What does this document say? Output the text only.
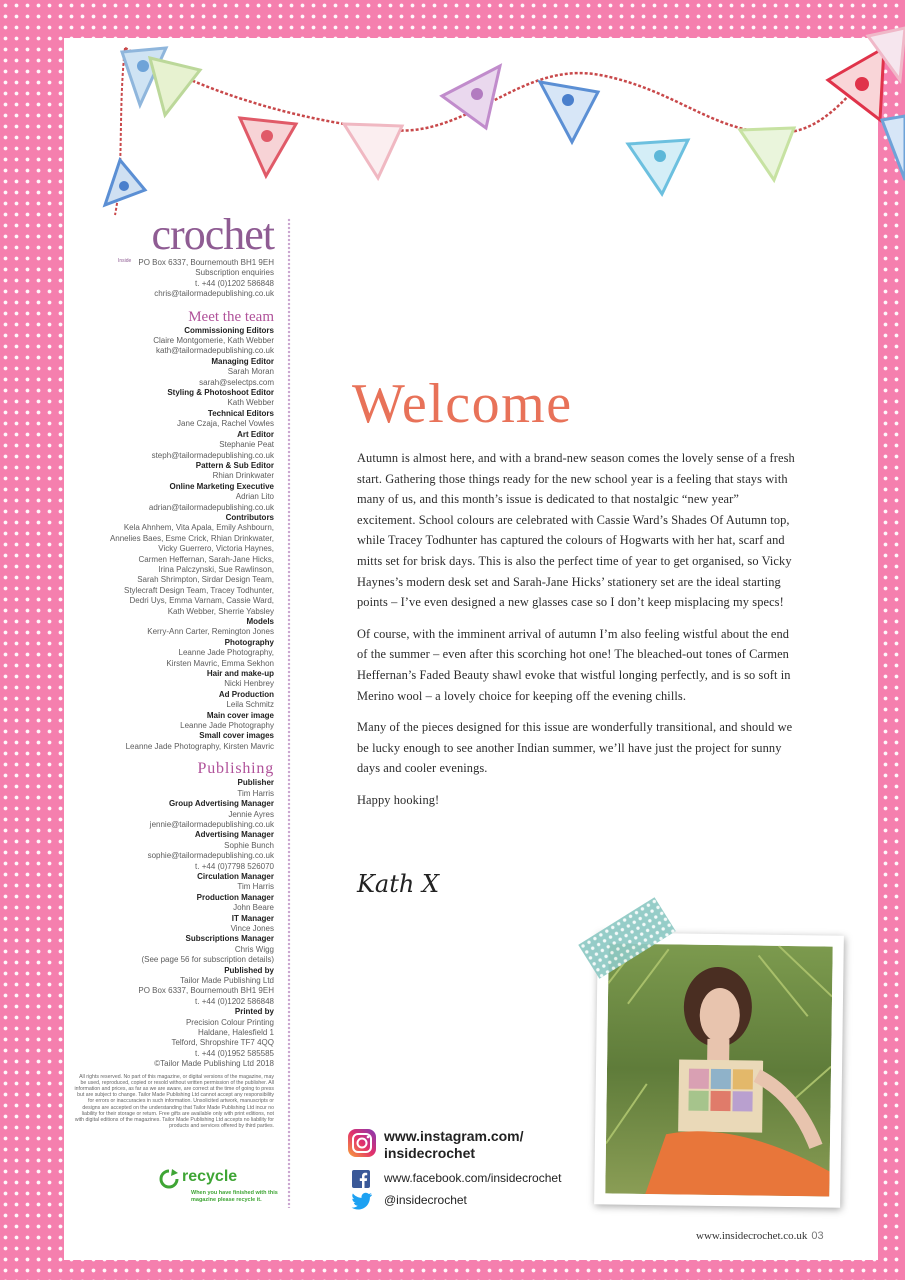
Inside
crochet
PO Box 6337, Bournemouth BH1 9EH
Subscription enquiries
t. +44 (0)1202 586848
chris@tailormadepublishing.co.uk
Meet the team
Commissioning Editors
Claire Montgomerie, Kath Webber
kath@tailormadepublishing.co.uk
Managing Editor
Sarah Moran
sarah@selectps.com
Styling & Photoshoot Editor
Kath Webber
Technical Editors
Jane Czaja, Rachel Vowles
Art Editor
Stephanie Peat
steph@tailormadepublishing.co.uk
Pattern & Sub Editor
Rhian Drinkwater
Online Marketing Executive
Adrian Lito
adrian@tailormadepublishing.co.uk
Contributors
Kela Ahnhem, Vita Apala, Emily Ashbourn,
Annelies Baes, Esme Crick, Rhian Drinkwater,
Vicky Guerrero, Victoria Haynes,
Carmen Heffernan, Sarah-Jane Hicks,
Irina Palczynski, Sue Rawlinson,
Sarah Shrimpton, Sirdar Design Team,
Stylecraft Design Team, Tracey Todhunter,
Dedri Uys, Emma Varnam, Cassie Ward,
Kath Webber, Sherrie Yabsley
Models
Kerry-Ann Carter, Remington Jones
Photography
Leanne Jade Photography,
Kirsten Mavric, Emma Sekhon
Hair and make-up
Nicki Henbrey
Ad Production
Leila Schmitz
Main cover image
Leanne Jade Photography
Small cover images
Leanne Jade Photography, Kirsten Mavric
Publishing
Publisher
Tim Harris
Group Advertising Manager
Jennie Ayres
jennie@tailormadepublishing.co.uk
Advertising Manager
Sophie Bunch
sophie@tailormadepublishing.co.uk
t. +44 (0)7798 526070
Circulation Manager
Tim Harris
Production Manager
John Beare
IT Manager
Vince Jones
Subscriptions Manager
Chris Wigg
(See page 56 for subscription details)
Published by
Tailor Made Publishing Ltd
PO Box 6337, Bournemouth BH1 9EH
t. +44 (0)1202 586848
Printed by
Precision Colour Printing
Haldane, Halesfield 1
Telford, Shropshire TF7 4QQ
t. +44 (0)1952 585585
©Tailor Made Publishing Ltd 2018
All rights reserved. No part of this magazine, or digital versions of the magazine, may be used, reproduced, copied or resold without written permission of the publisher. All information and prices, as far as we are aware, are correct at the time of going to press but are subject to change. Tailor Made Publishing Ltd cannot accept any responsibility for errors or inaccuracies in such information. Unsolicited artwork, manuscripts or designs are accepted on the understanding that Tailor Made Publishing Ltd incur no liability for their storage or return. Free gifts are available only with print editions, not with digital editions of the magazines. Tailor Made Publishing Ltd accepts no liability for products and services offered by third parties.
recycle
When you have finished with this magazine please recycle it.
Welcome

Autumn is almost here, and with a brand-new season comes the lovely sense of a fresh start. Gathering those things ready for the new school year is a feeling that stays with many of us, and this month’s issue is dedicated to that nostalgic “new year” excitement. School colours are celebrated with Cassie Ward’s Shades Of Autumn top, while Tracey Todhunter has captured the colours of Hogwarts with her hat, scarf and mitts set for brisk days. This is also the perfect time of year to get organised, so Vicky Haynes’s modern desk set and Sarah-Jane Hicks’ stationery set are the ideal starting points – I’ve even designed a new glasses case so I don’t keep misplacing my specs!

Of course, with the imminent arrival of autumn I’m also feeling wistful about the end of the summer – even after this scorching hot one! The bleached-out tones of Carmen Heffernan’s Faded Beauty shawl evoke that wistful longing perfectly, and is so soft in Merino wool – a lovely choice for keeping off the evening chills.

Many of the pieces designed for this issue are wonderfully transitional, and should we be lucky enough to see another Indian summer, we’ll have just the project for sunny days and cooler evenings.

Happy hooking!

Kath X
www.instagram.com/
insidecrochet
www.facebook.com/insidecrochet
@insidecrochet
www.insidecrochet.co.uk 03
